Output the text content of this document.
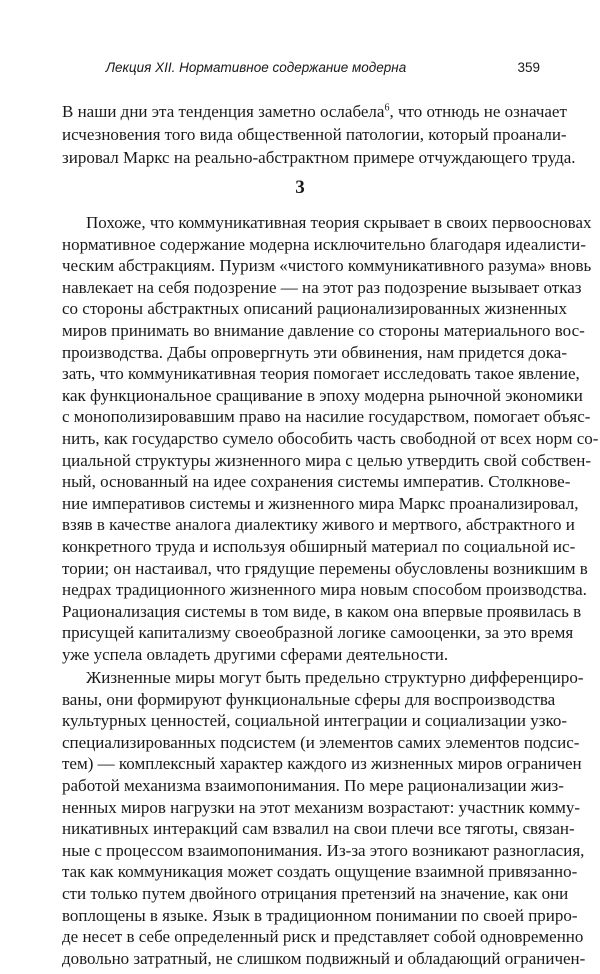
Лекция XII. Нормативное содержание модерна	359
В наши дни эта тенденция заметно ослабела$^6$, что отнюдь не означает
исчезновения того вида общественной патологии, который проанали-
зировал Маркс на реально-абстрактном примере отчуждающего труда.
3
Похоже, что коммуникативная теория скрывает в своих первоосновах
нормативное содержание модерна исключительно благодаря идеалисти-
ческим абстракциям. Пуризм «чистого коммуникативного разума» вновь
навлекает на себя подозрение — на этот раз подозрение вызывает отказ
со стороны абстрактных описаний рационализированных жизненных
миров принимать во внимание давление со стороны материального вос-
производства. Дабы опровергнуть эти обвинения, нам придется дока-
зать, что коммуникативная теория помогает исследовать такое явление,
как функциональное сращивание в эпоху модерна рыночной экономики
с монополизировавшим право на насилие государством, помогает объяс-
нить, как государство сумело обособить часть свободной от всех норм со-
циальной структуры жизненного мира с целью утвердить свой собствен-
ный, основанный на идее сохранения системы императив. Столкнове-
ние императивов системы и жизненного мира Маркс проанализировал,
взяв в качестве аналога диалектику живого и мертвого, абстрактного и
конкретного труда и используя обширный материал по социальной ис-
тории; он настаивал, что грядущие перемены обусловлены возникшим в
недрах традиционного жизненного мира новым способом производства.
Рационализация системы в том виде, в каком она впервые проявилась в
присущей капитализму своеобразной логике самооценки, за это время
уже успела овладеть другими сферами деятельности.
Жизненные миры могут быть предельно структурно дифференциро-
ваны, они формируют функциональные сферы для воспроизводства
культурных ценностей, социальной интеграции и социализации узко-
специализированных подсистем (и элементов самих элементов подсис-
тем) — комплексный характер каждого из жизненных миров ограничен
работой механизма взаимопонимания. По мере рационализации жиз-
ненных миров нагрузки на этот механизм возрастают: участник комму-
никативных интеракций сам взвалил на свои плечи все тяготы, связан-
ные с процессом взаимопонимания. Из-за этого возникают разногласия,
так как коммуникация может создать ощущение взаимной привязанно-
сти только путем двойного отрицания претензий на значение, как они
воплощены в языке. Язык в традиционном понимании по своей приро-
де несет в себе определенный риск и представляет собой одновременно
довольно затратный, не слишком подвижный и обладающий ограничен-
